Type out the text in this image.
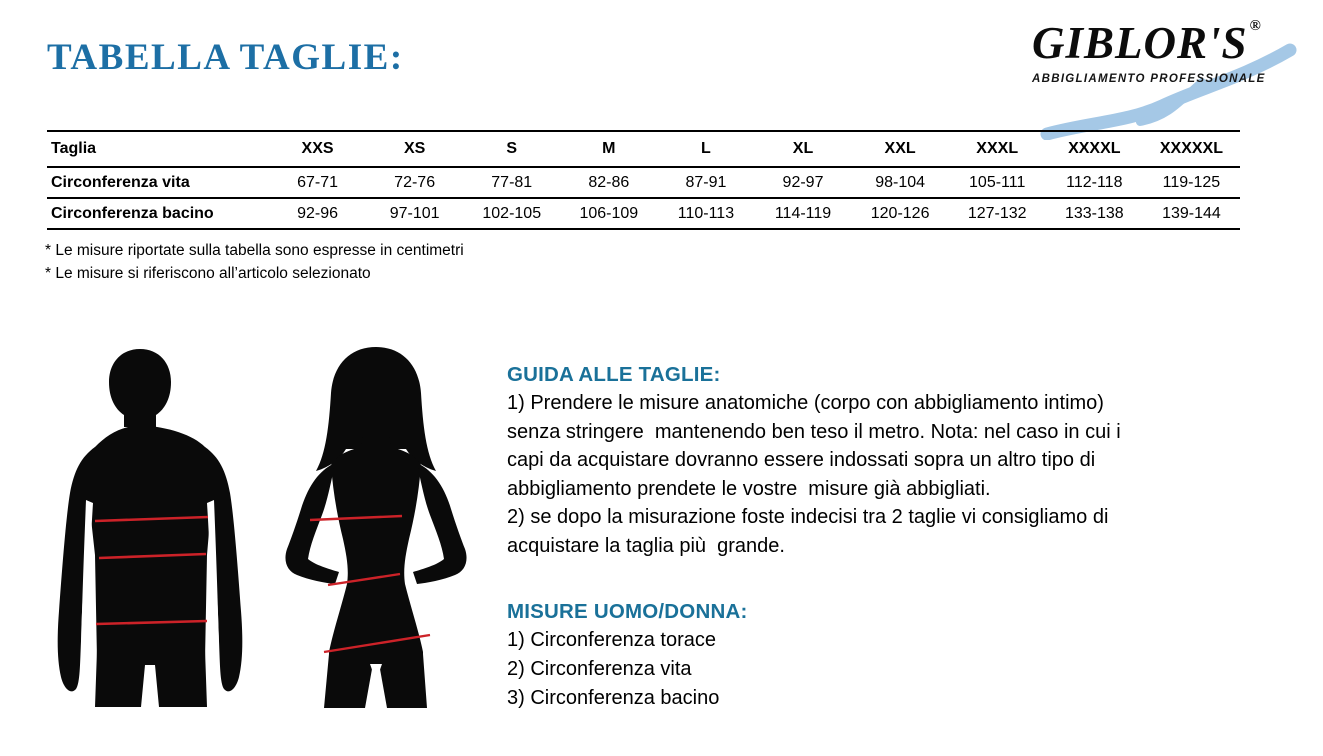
TABELLA TAGLIE:	GIBLOR'S ®
ABBIGLIAMENTO PROFESSIONALE
Taglia	XXS	XS	S	M	L	XL	XXL	XXXL	XXXXL	XXXXXL
Circonferenza vita	67-71	72-76	77-81	82-86	87-91	92-97	98-104	105-111	112-118	119-125
Circonferenza bacino	92-96	97-101	102-105	106-109	110-113	114-119	120-126	127-132	133-138	139-144
* Le misure riportate sulla tabella sono espresse in centimetri
* Le misure si riferiscono all’articolo selezionato
GUIDA ALLE TAGLIE:
1) Prendere le misure anatomiche (corpo con abbigliamento intimo)
senza stringere  mantenendo ben teso il metro. Nota: nel caso in cui i
capi da acquistare dovranno essere indossati sopra un altro tipo di
abbigliamento prendete le vostre  misure già abbigliati.
2) se dopo la misurazione foste indecisi tra 2 taglie vi consigliamo di
acquistare la taglia più  grande.
MISURE UOMO/DONNA:
1) Circonferenza torace
2) Circonferenza vita
3) Circonferenza bacino
